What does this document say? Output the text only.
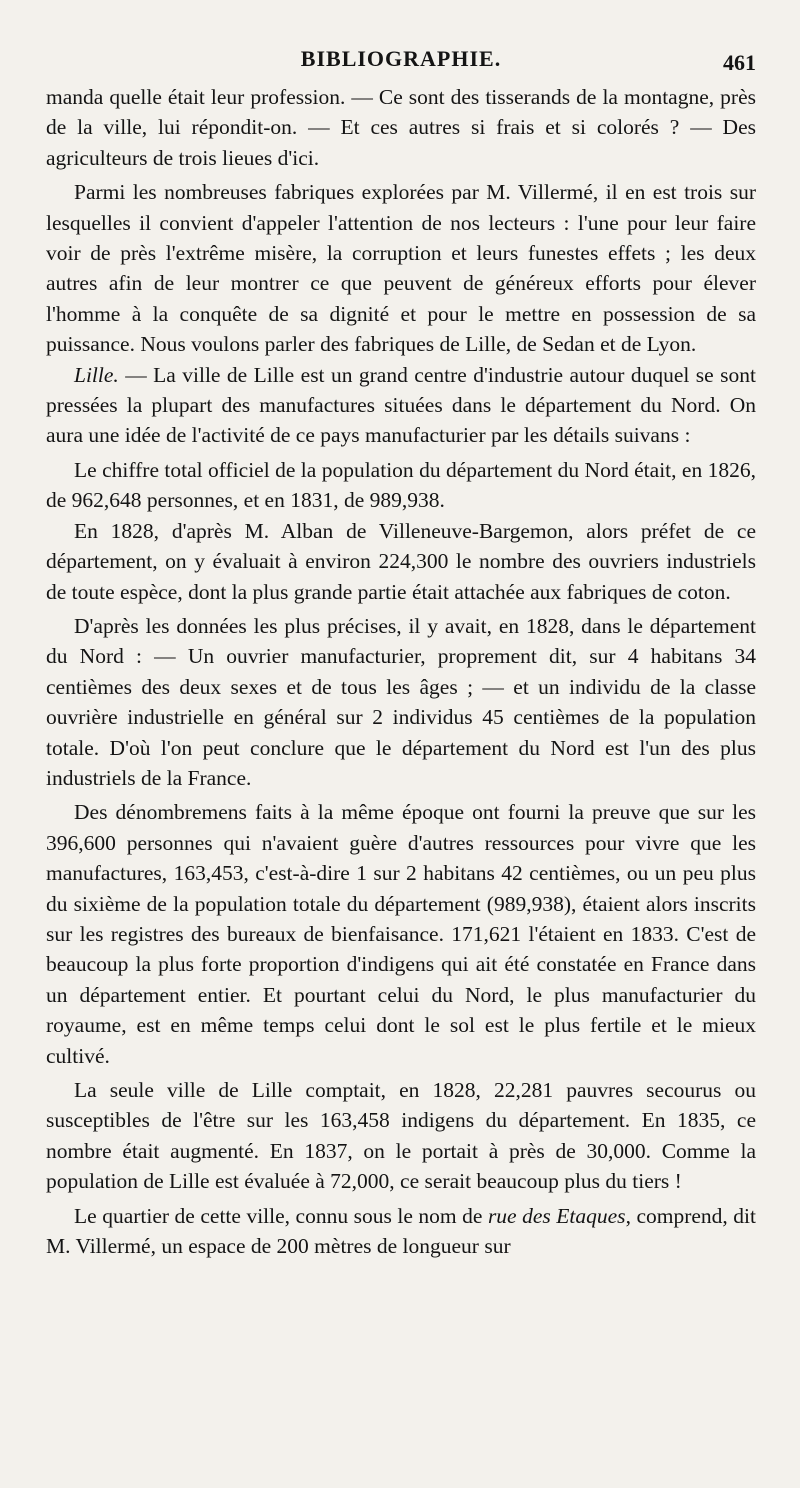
BIBLIOGRAPHIE.	461

manda quelle était leur profession. — Ce sont des tisserands de la montagne, près de la ville, lui répondit-on. — Et ces autres si frais et si colorés ? — Des agriculteurs de trois lieues d'ici.

Parmi les nombreuses fabriques explorées par M. Villermé, il en est trois sur lesquelles il convient d'appeler l'attention de nos lecteurs : l'une pour leur faire voir de près l'extrême misère, la corruption et leurs funestes effets ; les deux autres afin de leur montrer ce que peuvent de généreux efforts pour élever l'homme à la conquête de sa dignité et pour le mettre en possession de sa puissance. Nous voulons parler des fabriques de Lille, de Sedan et de Lyon.

Lille. — La ville de Lille est un grand centre d'industrie autour duquel se sont pressées la plupart des manufactures situées dans le département du Nord. On aura une idée de l'activité de ce pays manufacturier par les détails suivans :

Le chiffre total officiel de la population du département du Nord était, en 1826, de 962,648 personnes, et en 1831, de 989,938.

En 1828, d'après M. Alban de Villeneuve-Bargemon, alors préfet de ce département, on y évaluait à environ 224,300 le nombre des ouvriers industriels de toute espèce, dont la plus grande partie était attachée aux fabriques de coton.

D'après les données les plus précises, il y avait, en 1828, dans le département du Nord : — Un ouvrier manufacturier, proprement dit, sur 4 habitans 34 centièmes des deux sexes et de tous les âges ; — et un individu de la classe ouvrière industrielle en général sur 2 individus 45 centièmes de la population totale. D'où l'on peut conclure que le département du Nord est l'un des plus industriels de la France.

Des dénombremens faits à la même époque ont fourni la preuve que sur les 396,600 personnes qui n'avaient guère d'autres ressources pour vivre que les manufactures, 163,453, c'est-à-dire 1 sur 2 habitans 42 centièmes, ou un peu plus du sixième de la population totale du département (989,938), étaient alors inscrits sur les registres des bureaux de bienfaisance. 171,621 l'étaient en 1833. C'est de beaucoup la plus forte proportion d'indigens qui ait été constatée en France dans un département entier. Et pourtant celui du Nord, le plus manufacturier du royaume, est en même temps celui dont le sol est le plus fertile et le mieux cultivé.

La seule ville de Lille comptait, en 1828, 22,281 pauvres secourus ou susceptibles de l'être sur les 163,458 indigens du département. En 1835, ce nombre était augmenté. En 1837, on le portait à près de 30,000. Comme la population de Lille est évaluée à 72,000, ce serait beaucoup plus du tiers !

Le quartier de cette ville, connu sous le nom de rue des Etaques, comprend, dit M. Villermé, un espace de 200 mètres de longueur sur
